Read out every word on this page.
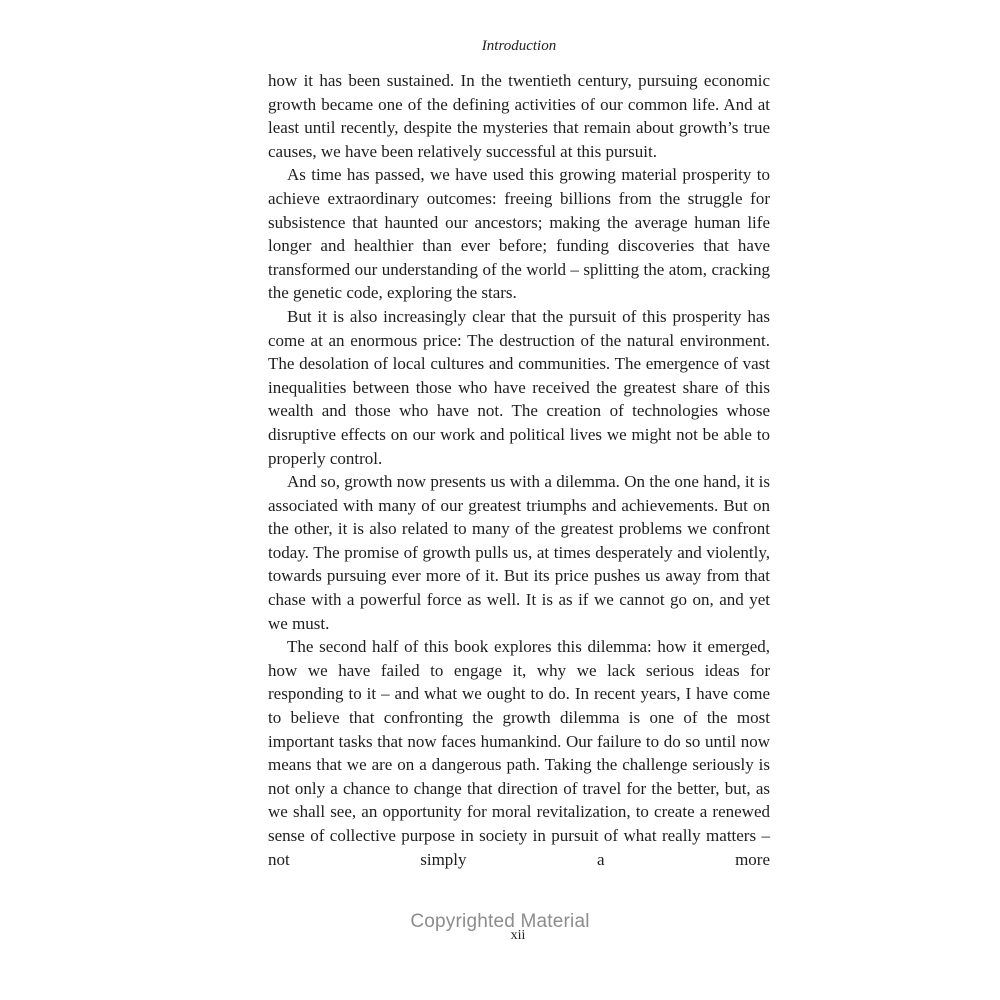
Introduction

how it has been sustained. In the twentieth century, pursuing economic growth became one of the defining activities of our common life. And at least until recently, despite the mysteries that remain about growth’s true causes, we have been relatively successful at this pursuit.

As time has passed, we have used this growing material prosperity to achieve extraordinary outcomes: freeing billions from the struggle for subsistence that haunted our ancestors; making the average human life longer and healthier than ever before; funding discoveries that have transformed our understanding of the world – splitting the atom, cracking the genetic code, exploring the stars.

But it is also increasingly clear that the pursuit of this prosperity has come at an enormous price: The destruction of the natural environment. The desolation of local cultures and communities. The emergence of vast inequalities between those who have received the greatest share of this wealth and those who have not. The creation of technologies whose disruptive effects on our work and political lives we might not be able to properly control.

And so, growth now presents us with a dilemma. On the one hand, it is associated with many of our greatest triumphs and achievements. But on the other, it is also related to many of the greatest problems we confront today. The promise of growth pulls us, at times desperately and violently, towards pursuing ever more of it. But its price pushes us away from that chase with a powerful force as well. It is as if we cannot go on, and yet we must.

The second half of this book explores this dilemma: how it emerged, how we have failed to engage it, why we lack serious ideas for responding to it – and what we ought to do. In recent years, I have come to believe that confronting the growth dilemma is one of the most important tasks that now faces humankind. Our failure to do so until now means that we are on a dangerous path. Taking the challenge seriously is not only a chance to change that direction of travel for the better, but, as we shall see, an opportunity for moral revitalization, to create a renewed sense of collective purpose in society in pursuit of what really matters – not simply a more

Copyrighted Material
xii
